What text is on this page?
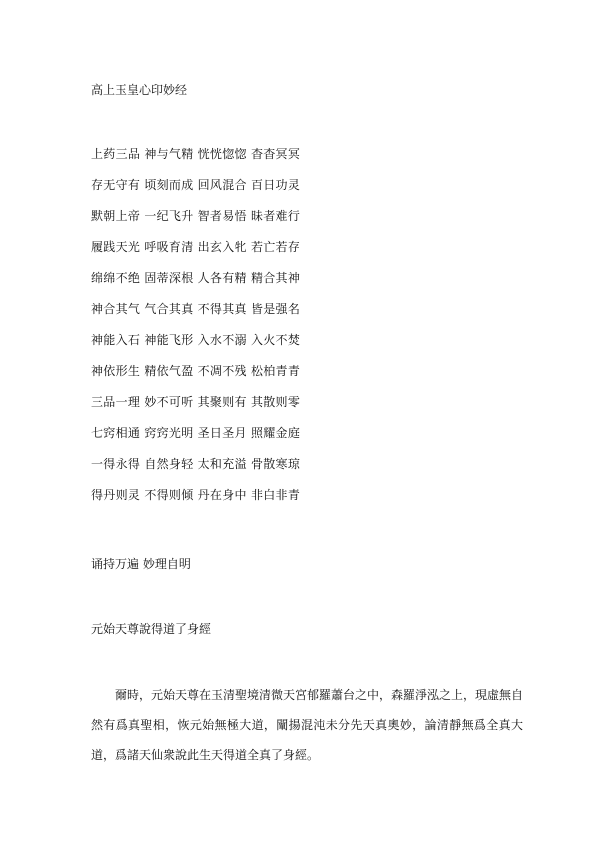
高上玉皇心印妙经
上药三品 神与气精 恍恍惚惚 杳杳冥冥
存无守有 顷刻而成 回风混合 百日功灵
默朝上帝 一纪飞升 智者易悟 昧者难行
履践天光 呼吸育清 出玄入牝 若亡若存
绵绵不绝 固蒂深根 人各有精 精合其神
神合其气 气合其真 不得其真 皆是强名
神能入石 神能飞形 入水不溺 入火不焚
神依形生 精依气盈 不凋不残 松柏青青
三品一理 妙不可听 其聚则有 其散则零
七窍相通 窍窍光明 圣日圣月 照耀金庭
一得永得 自然身轻 太和充溢 骨散寒琼
得丹则灵 不得则倾 丹在身中 非白非青
诵持万遍 妙理自明
元始天尊說得道了身經

爾時，元始天尊在玉清聖境清微天宮郁羅蕭台之中，森羅淨泓之上，現虛無自然有爲真聖相，恢元始無極大道，闡揚混沌未分先天真奧妙，論清靜無爲全真大道，爲諸天仙衆說此生天得道全真了身經。
